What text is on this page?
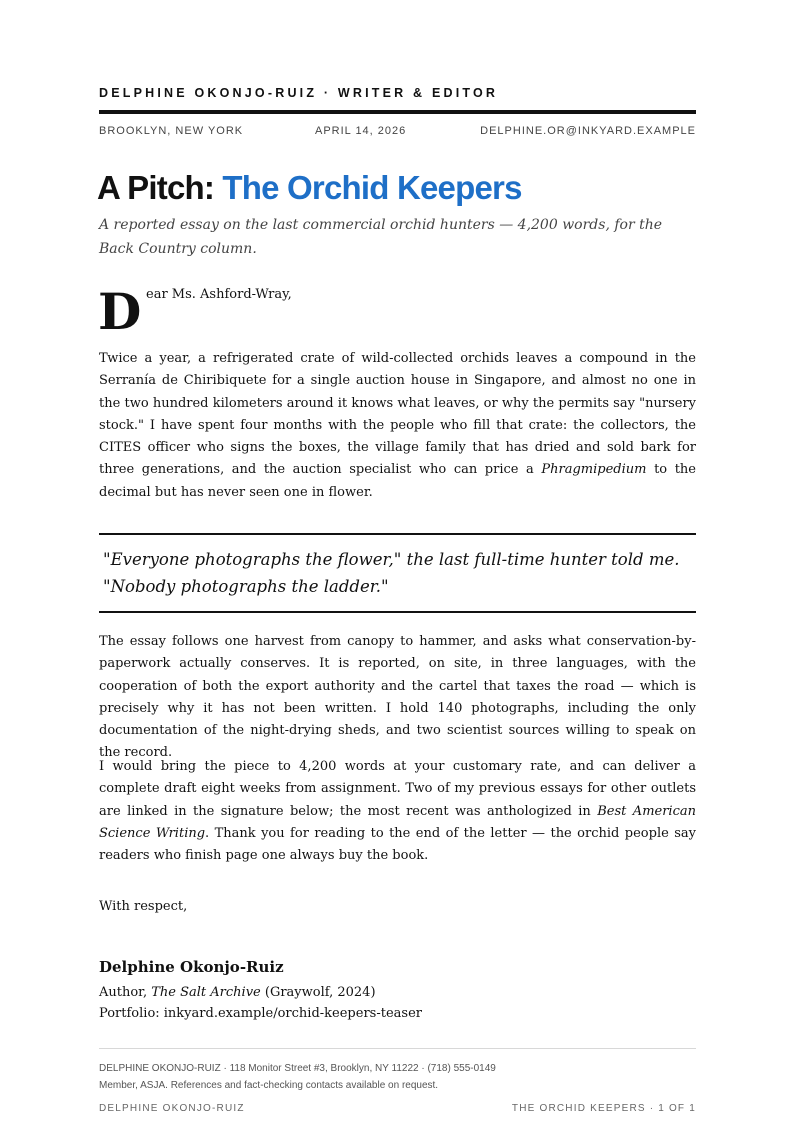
DELPHINE OKONJO-RUIZ · WRITER & EDITOR
BROOKLYN, NEW YORK	APRIL 14, 2026	DELPHINE.OR@INKYARD.EXAMPLE
A Pitch: The Orchid Keepers

A reported essay on the last commercial orchid hunters — 4,200 words, for the Back Country column.

D ear Ms. Ashford-Wray,

Twice a year, a refrigerated crate of wild-collected orchids leaves a compound in the Serranía de Chiribiquete for a single auction house in Singapore, and almost no one in the two hundred kilometers around it knows what leaves, or why the permits say "nursery stock." I have spent four months with the people who fill that crate: the collectors, the CITES officer who signs the boxes, the village family that has dried and sold bark for three generations, and the auction specialist who can price a Phragmipedium to the decimal but has never seen one in flower.

"Everyone photographs the flower," the last full-time hunter told me. "Nobody photographs the ladder."

The essay follows one harvest from canopy to hammer, and asks what conservation-by-paperwork actually conserves. It is reported, on site, in three languages, with the cooperation of both the export authority and the cartel that taxes the road — which is precisely why it has not been written. I hold 140 photographs, including the only documentation of the night-drying sheds, and two scientist sources willing to speak on the record.

I would bring the piece to 4,200 words at your customary rate, and can deliver a complete draft eight weeks from assignment. Two of my previous essays for other outlets are linked in the signature below; the most recent was anthologized in Best American Science Writing. Thank you for reading to the end of the letter — the orchid people say readers who finish page one always buy the book.

With respect,
Delphine Okonjo-Ruiz
Author, The Salt Archive (Graywolf, 2024)
Portfolio: inkyard.example/orchid-keepers-teaser
DELPHINE OKONJO-RUIZ · 118 Monitor Street #3, Brooklyn, NY 11222 · (718) 555-0149
Member, ASJA. References and fact-checking contacts available on request.
DELPHINE OKONJO-RUIZ	THE ORCHID KEEPERS · 1 OF 1
